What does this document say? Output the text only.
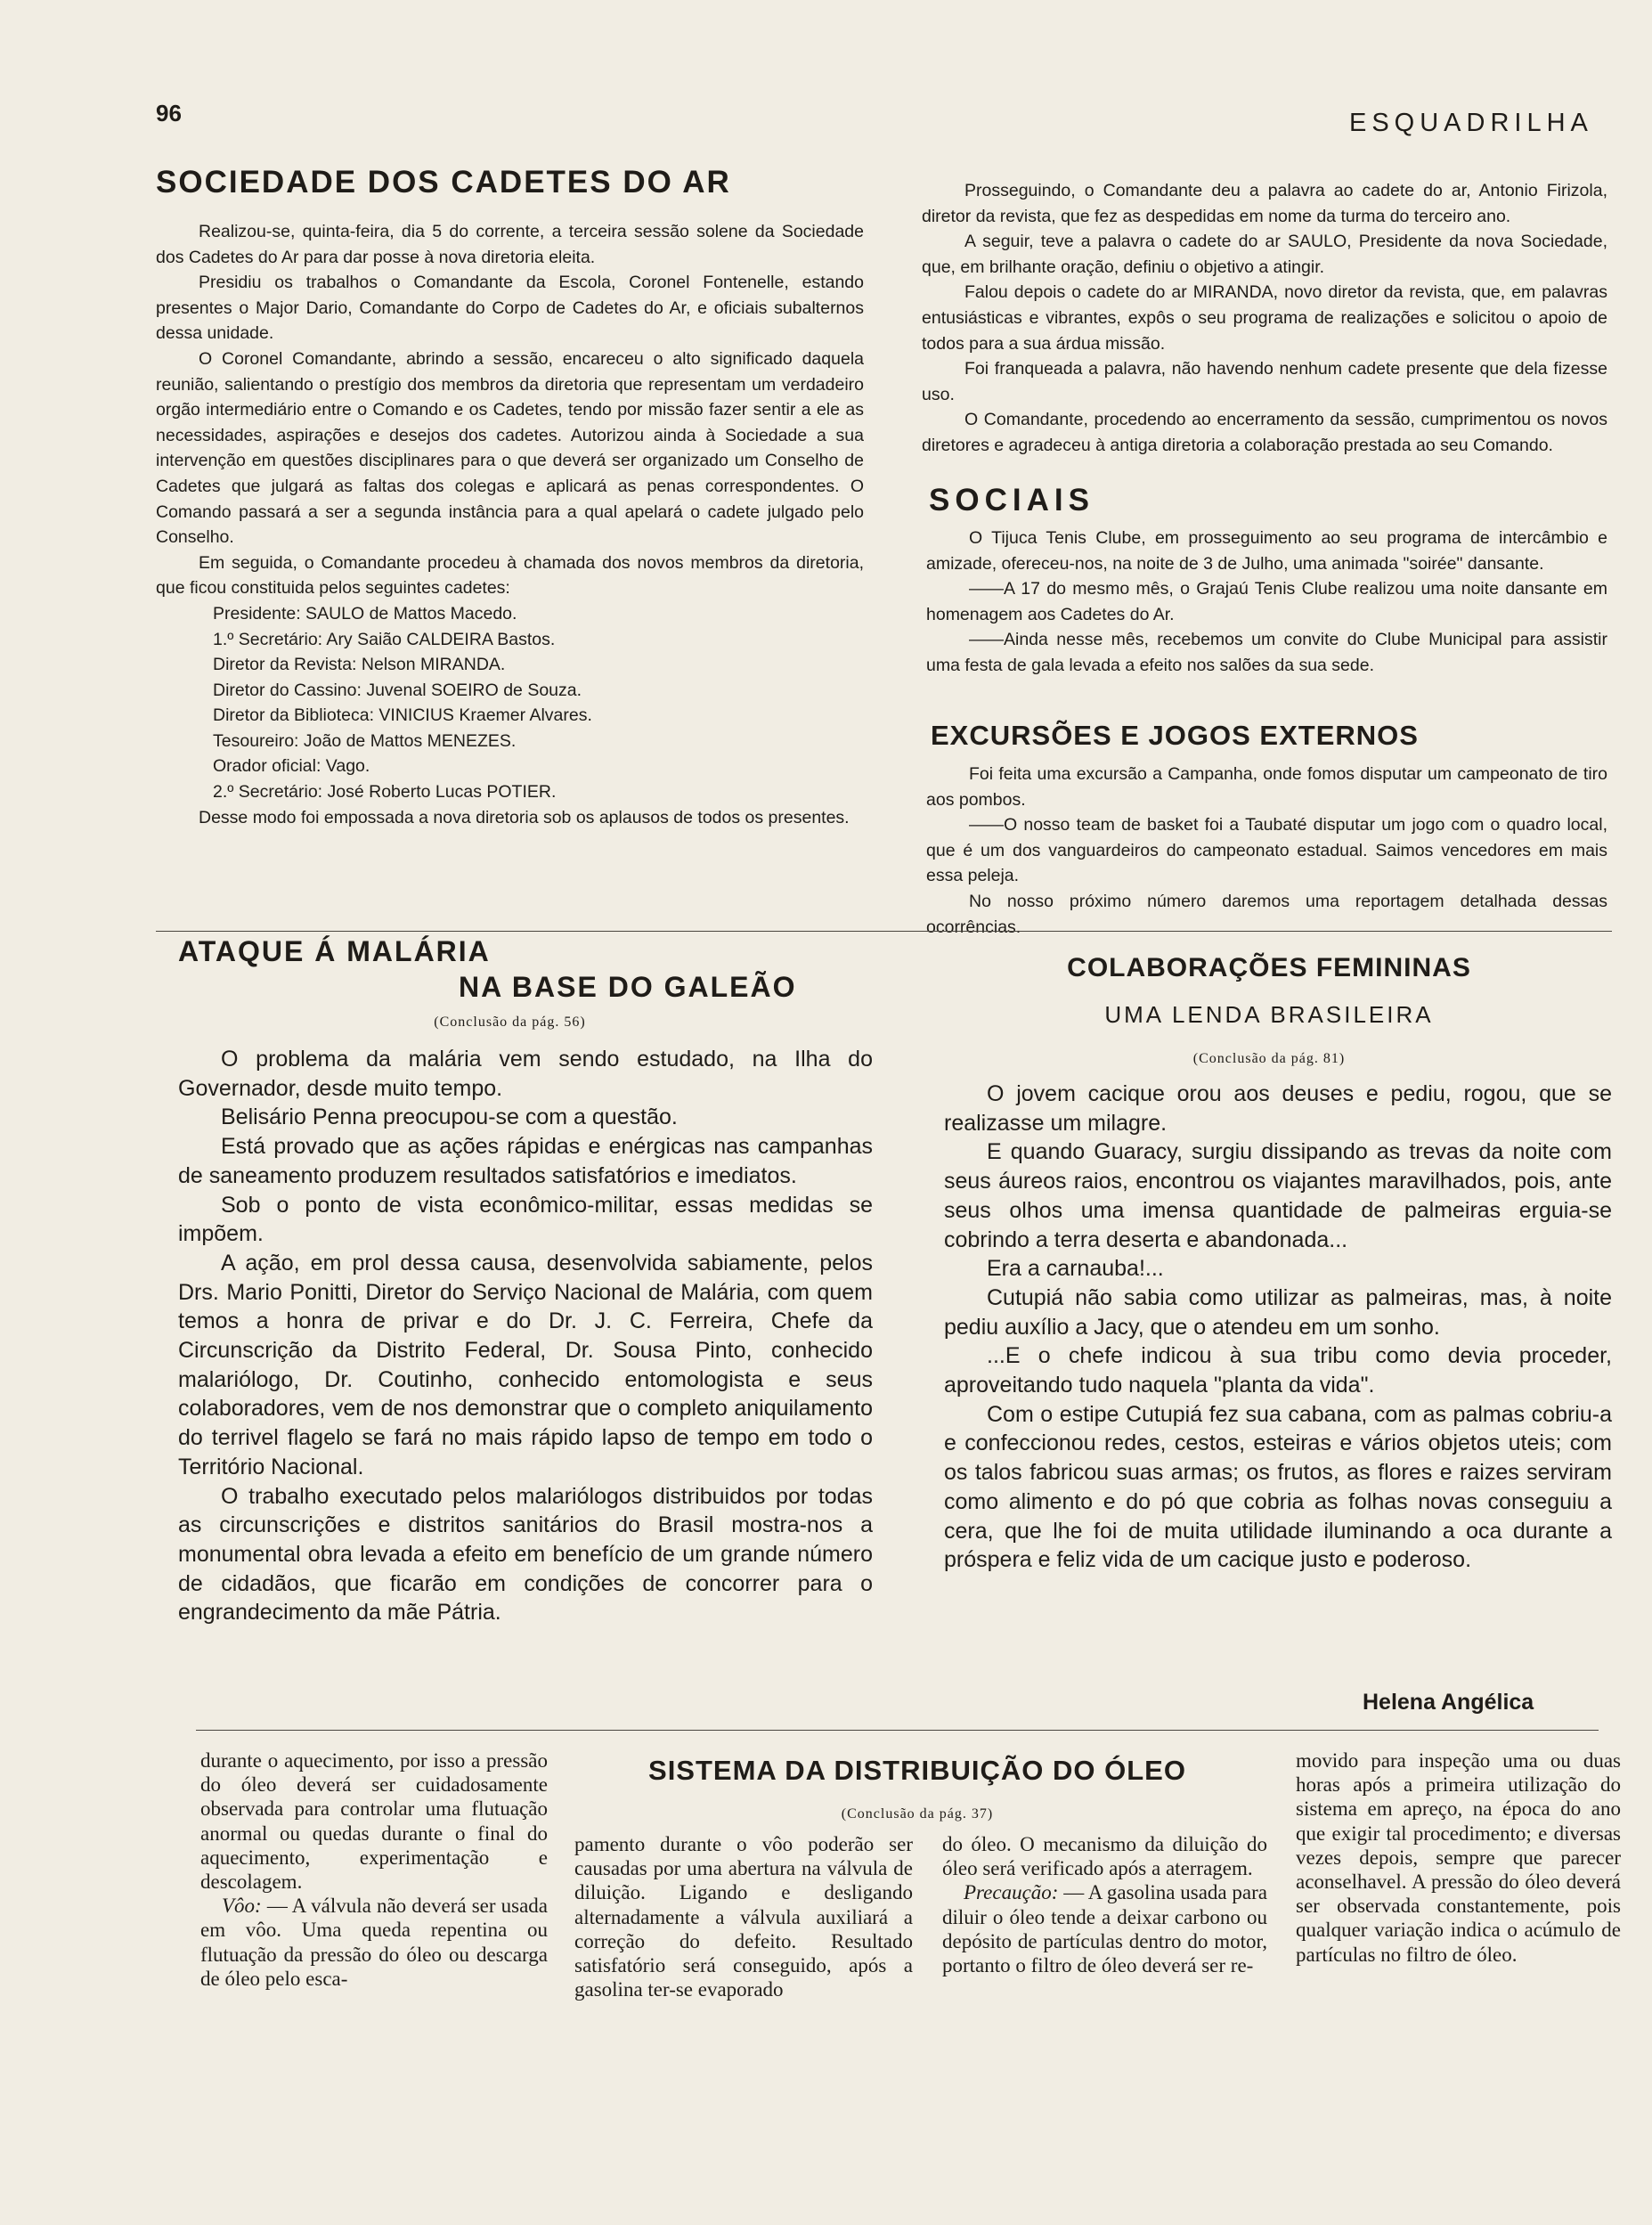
96	ESQUADRILHA
SOCIEDADE DOS CADETES DO AR

Realizou-se, quinta-feira, dia 5 do corrente, a terceira sessão solene da Sociedade dos Cadetes do Ar para dar posse à nova diretoria eleita.

Presidiu os trabalhos o Comandante da Escola, Coronel Fontenelle, estando presentes o Major Dario, Comandante do Corpo de Cadetes do Ar, e oficiais subalternos dessa unidade.

O Coronel Comandante, abrindo a sessão, encareceu o alto significado daquela reunião, salientando o prestígio dos membros da diretoria que representam um verdadeiro orgão intermediário entre o Comando e os Cadetes, tendo por missão fazer sentir a ele as necessidades, aspirações e desejos dos cadetes. Autorizou ainda à Sociedade a sua intervenção em questões disciplinares para o que deverá ser organizado um Conselho de Cadetes que julgará as faltas dos colegas e aplicará as penas correspondentes. O Comando passará a ser a segunda instância para a qual apelará o cadete julgado pelo Conselho.

Em seguida, o Comandante procedeu à chamada dos novos membros da diretoria, que ficou constituida pelos seguintes cadetes:

Presidente: SAULO de Mattos Macedo.

1.º Secretário: Ary Saião CALDEIRA Bastos.

Diretor da Revista: Nelson MIRANDA.

Diretor do Cassino: Juvenal SOEIRO de Souza.

Diretor da Biblioteca: VINICIUS Kraemer Alvares.

Tesoureiro: João de Mattos MENEZES.

Orador oficial: Vago.

2.º Secretário: José Roberto Lucas POTIER.

Desse modo foi empossada a nova diretoria sob os aplausos de todos os presentes.

Prosseguindo, o Comandante deu a palavra ao cadete do ar, Antonio Firizola, diretor da revista, que fez as despedidas em nome da turma do terceiro ano.

A seguir, teve a palavra o cadete do ar SAULO, Presidente da nova Sociedade, que, em brilhante oração, definiu o objetivo a atingir.

Falou depois o cadete do ar MIRANDA, novo diretor da revista, que, em palavras entusiásticas e vibrantes, expôs o seu programa de realizações e solicitou o apoio de todos para a sua árdua missão.

Foi franqueada a palavra, não havendo nenhum cadete presente que dela fizesse uso.

O Comandante, procedendo ao encerramento da sessão, cumprimentou os novos diretores e agradeceu à antiga diretoria a colaboração prestada ao seu Comando.

SOCIAIS

O Tijuca Tenis Clube, em prosseguimento ao seu programa de intercâmbio e amizade, ofereceu-nos, na noite de 3 de Julho, uma animada "soirée" dansante.

——A 17 do mesmo mês, o Grajaú Tenis Clube realizou uma noite dansante em homenagem aos Cadetes do Ar.

——Ainda nesse mês, recebemos um convite do Clube Municipal para assistir uma festa de gala levada a efeito nos salões da sua sede.

EXCURSÕES E JOGOS EXTERNOS

Foi feita uma excursão a Campanha, onde fomos disputar um campeonato de tiro aos pombos.

——O nosso team de basket foi a Taubaté disputar um jogo com o quadro local, que é um dos vanguardeiros do campeonato estadual. Saimos vencedores em mais essa peleja.

No nosso próximo número daremos uma reportagem detalhada dessas ocorrências.

ATAQUE Á MALÁRIA
NA BASE DO GALEÃO
(Conclusão da pág. 56)

O problema da malária vem sendo estudado, na Ilha do Governador, desde muito tempo.

Belisário Penna preocupou-se com a questão.

Está provado que as ações rápidas e enérgicas nas campanhas de saneamento produzem resultados satisfatórios e imediatos.

Sob o ponto de vista econômico-militar, essas medidas se impõem.

A ação, em prol dessa causa, desenvolvida sabiamente, pelos Drs. Mario Ponitti, Diretor do Serviço Nacional de Malária, com quem temos a honra de privar e do Dr. J. C. Ferreira, Chefe da Circunscrição da Distrito Federal, Dr. Sousa Pinto, conhecido malariólogo, Dr. Coutinho, conhecido entomologista e seus colaboradores, vem de nos demonstrar que o completo aniquilamento do terrivel flagelo se fará no mais rápido lapso de tempo em todo o Território Nacional.

O trabalho executado pelos malariólogos distribuidos por todas as circunscrições e distritos sanitários do Brasil mostra-nos a monumental obra levada a efeito em benefício de um grande número de cidadãos, que ficarão em condições de concorrer para o engrandecimento da mãe Pátria.

COLABORAÇÕES FEMININAS
UMA LENDA BRASILEIRA
(Conclusão da pág. 81)

O jovem cacique orou aos deuses e pediu, rogou, que se realizasse um milagre.

E quando Guaracy, surgiu dissipando as trevas da noite com seus áureos raios, encontrou os viajantes maravilhados, pois, ante seus olhos uma imensa quantidade de palmeiras erguia-se cobrindo a terra deserta e abandonada...

Era a carnauba!...

Cutupiá não sabia como utilizar as palmeiras, mas, à noite pediu auxílio a Jacy, que o atendeu em um sonho.

...E o chefe indicou à sua tribu como devia proceder, aproveitando tudo naquela "planta da vida".

Com o estipe Cutupiá fez sua cabana, com as palmas cobriu-a e confeccionou redes, cestos, esteiras e vários objetos uteis; com os talos fabricou suas armas; os frutos, as flores e raizes serviram como alimento e do pó que cobria as folhas novas conseguiu a cera, que lhe foi de muita utilidade iluminando a oca durante a próspera e feliz vida de um cacique justo e poderoso.

Helena Angélica

durante o aquecimento, por isso a pressão do óleo deverá ser cuidadosamente observada para controlar uma flutuação anormal ou quedas durante o final do aquecimento, experimentação e descolagem.

Vôo: — A válvula não deverá ser usada em vôo. Uma queda repentina ou flutuação da pressão do óleo ou descarga de óleo pelo esca-

SISTEMA DA DISTRIBUIÇÃO DO ÓLEO
(Conclusão da pág. 37)

pamento durante o vôo poderão ser causadas por uma abertura na válvula de diluição. Ligando e desligando alternadamente a válvula auxiliará a correção do defeito. Resultado satisfatório será conseguido, após a gasolina ter-se evaporado

do óleo. O mecanismo da diluição do óleo será verificado após a aterragem.

Precaução: — A gasolina usada para diluir o óleo tende a deixar carbono ou depósito de partículas dentro do motor, portanto o filtro de óleo deverá ser re-

movido para inspeção uma ou duas horas após a primeira utilização do sistema em apreço, na época do ano que exigir tal procedimento; e diversas vezes depois, sempre que parecer aconselhavel. A pressão do óleo deverá ser observada constantemente, pois qualquer variação indica o acúmulo de partículas no filtro de óleo.
